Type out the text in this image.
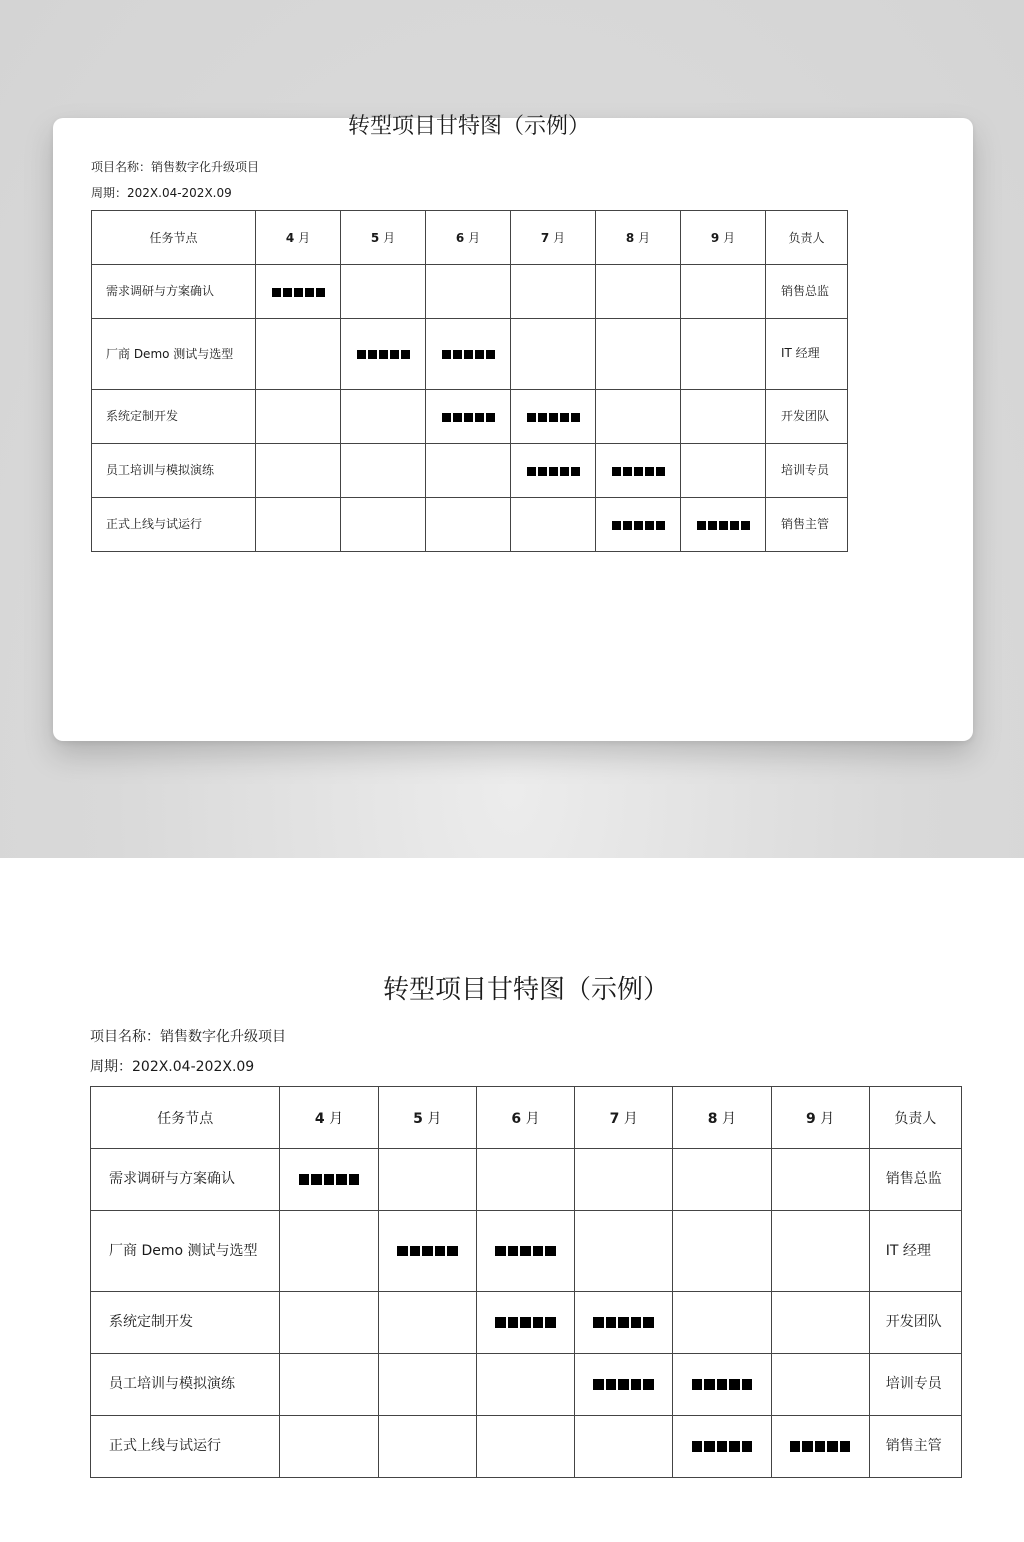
转型项目甘特图（示例）
项目名称：销售数字化升级项目
周期：202X.04-202X.09
任务节点	4 月	5 月	6 月	7 月	8 月	9 月	负责人
需求调研与方案确认							销售总监
厂商 Demo 测试与选型							IT 经理
系统定制开发							开发团队
员工培训与模拟演练							培训专员
正式上线与试运行							销售主管
转型项目甘特图（示例）
项目名称：销售数字化升级项目
周期：202X.04-202X.09
任务节点	4 月	5 月	6 月	7 月	8 月	9 月	负责人
需求调研与方案确认							销售总监
厂商 Demo 测试与选型							IT 经理
系统定制开发							开发团队
员工培训与模拟演练							培训专员
正式上线与试运行							销售主管
